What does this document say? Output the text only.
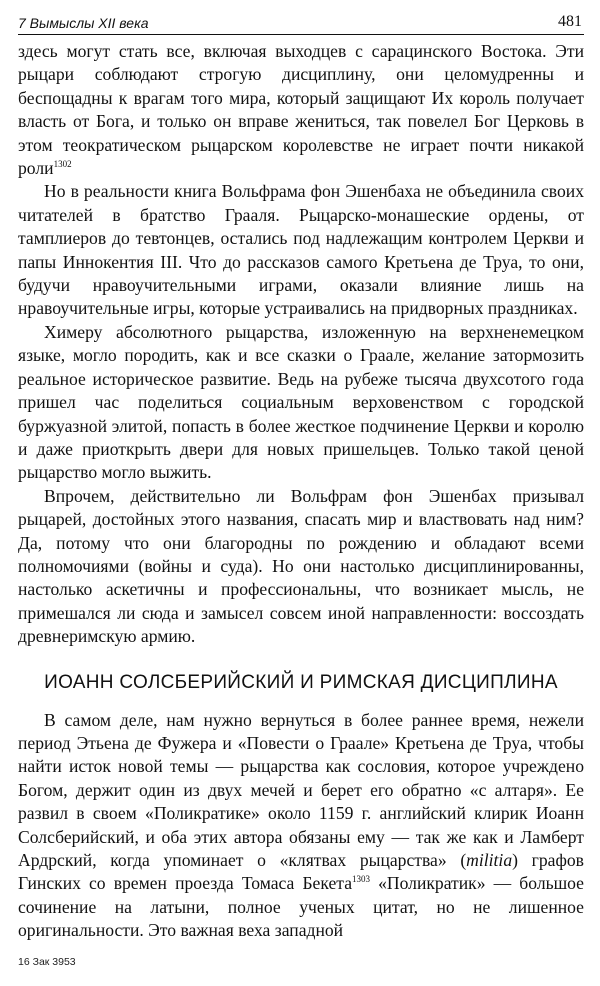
7 Вымыслы XII века	481

здесь могут стать все, включая выходцев с сарацинского Востока. Эти рыцари соблюдают строгую дисциплину, они целомудренны и беспощадны к врагам того мира, который защищают Их король получает власть от Бога, и только он вправе жениться, так повелел Бог Церковь в этом теократическом рыцарском королевстве не играет почти никакой роли$^{1302}$

Но в реальности книга Вольфрама фон Эшенбаха не объединила своих читателей в братство Грааля. Рыцарско-монашеские ордены, от тамплиеров до тевтонцев, остались под надлежащим контролем Церкви и папы Иннокентия III. Что до рассказов самого Кретьена де Труа, то они, будучи нравоучительными играми, оказали влияние лишь на нравоучительные игры, которые устраивались на придворных праздниках.

Химеру абсолютного рыцарства, изложенную на верхненемецком языке, могло породить, как и все сказки о Граале, желание затормозить реальное историческое развитие. Ведь на рубеже тысяча двухсотого года пришел час поделиться социальным верховенством с городской буржуазной элитой, попасть в более жесткое подчинение Церкви и королю и даже приоткрыть двери для новых пришельцев. Только такой ценой рыцарство могло выжить.

Впрочем, действительно ли Вольфрам фон Эшенбах призывал рыцарей, достойных этого названия, спасать мир и властвовать над ним?Да, потому что они благородны по рождению и обладают всеми полномочиями (войны и суда). Но они настолько дисциплинированны, настолько аскетичны и профессиональны, что возникает мысль, не примешался ли сюда и замысел совсем иной направленности: воссоздать древнеримскую армию.

ИОАНН СОЛСБЕРИЙСКИЙ И РИМСКАЯ ДИСЦИПЛИНА

В самом деле, нам нужно вернуться в более раннее время, нежели период Этьена де Фужера и «Повести о Граале» Кретьена де Труа, чтобы найти исток новой темы — рыцарства как сословия, которое учреждено Богом, держит один из двух мечей и берет его обратно «с алтаря». Ее развил в своем «Поликратике» около 1159 г. английский клирик Иоанн Солсберийский, и оба этих автора обязаны ему — так же как и Ламберт Ардрский, когда упоминает о «клятвах рыцарства» (militia) графов Гинских со времен проезда Томаса Бекета$^{1303}$ «Поликратик» — большое сочинение на латыни, полное ученых цитат, но не лишенное оригинальности. Это важная веха западной

16 Зак 3953
